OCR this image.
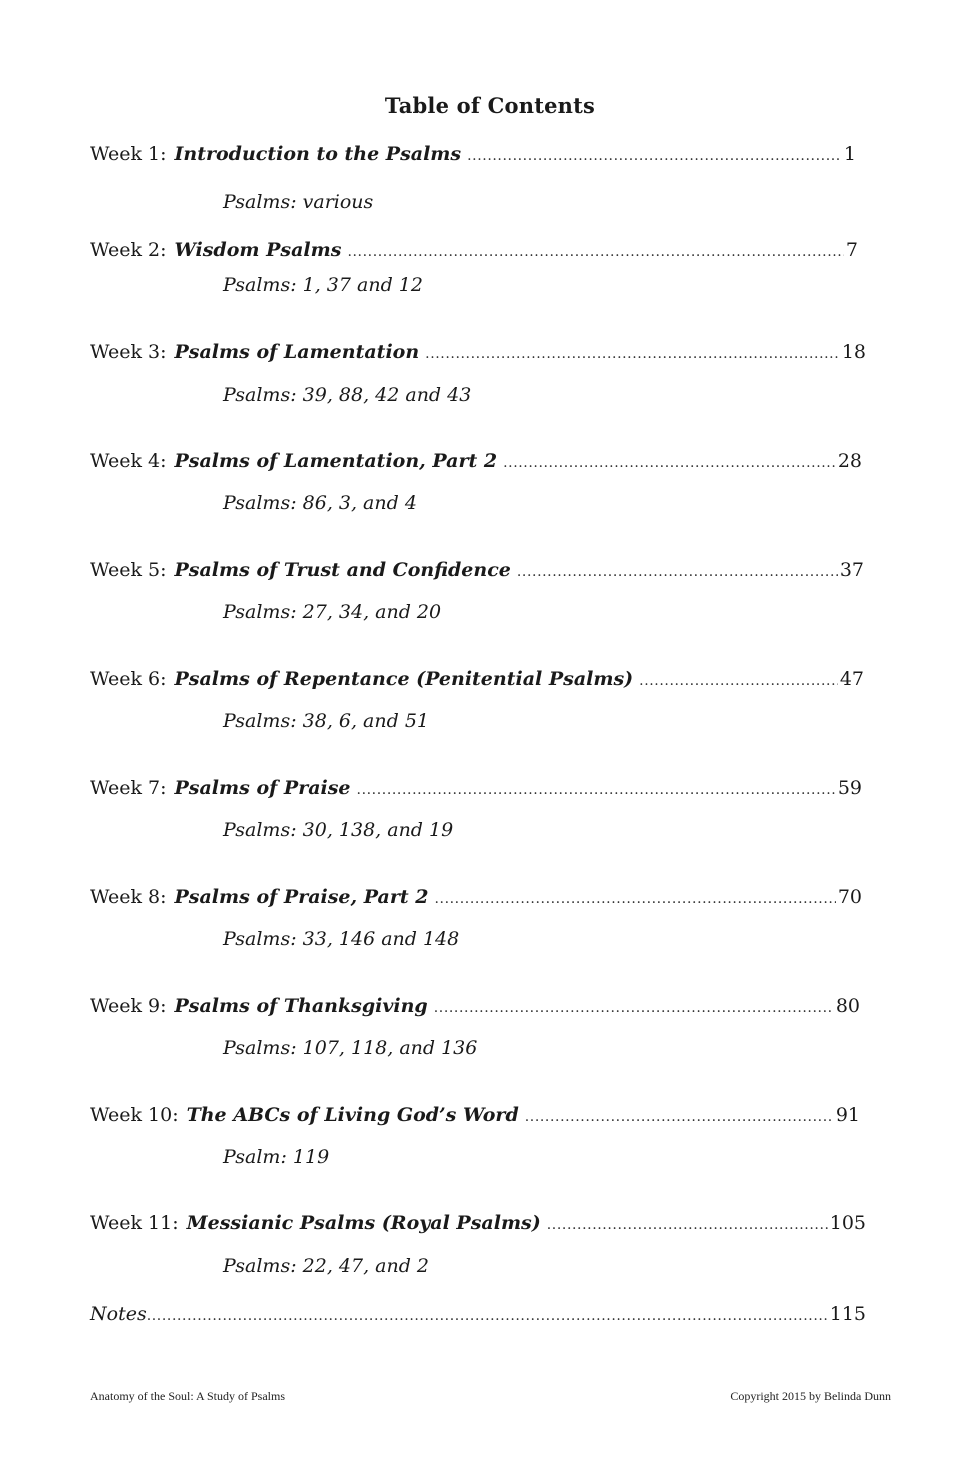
Table of Contents
Week 1: Introduction to the Psalms .....	1
Psalms: various
Week 2: Wisdom Psalms .....	7
Psalms: 1, 37 and 12
Week 3: Psalms of Lamentation .....	18
Psalms: 39, 88, 42 and 43
Week 4: Psalms of Lamentation, Part 2 .....	28
Psalms: 86, 3, and 4
Week 5: Psalms of Trust and Confidence .....	37
Psalms: 27, 34, and 20
Week 6: Psalms of Repentance (Penitential Psalms) .....	47
Psalms: 38, 6, and 51
Week 7: Psalms of Praise .....	59
Psalms: 30, 138, and 19
Week 8: Psalms of Praise, Part 2 .....	70
Psalms: 33, 146 and 148
Week 9: Psalms of Thanksgiving .....	80
Psalms: 107, 118, and 136
Week 10: The ABCs of Living God’s Word .....	91
Psalm: 119
Week 11: Messianic Psalms (Royal Psalms) .....	105
Psalms: 22, 47, and 2
Notes .....	115
Anatomy of the Soul: A Study of Psalms	Copyright 2015 by Belinda Dunn
